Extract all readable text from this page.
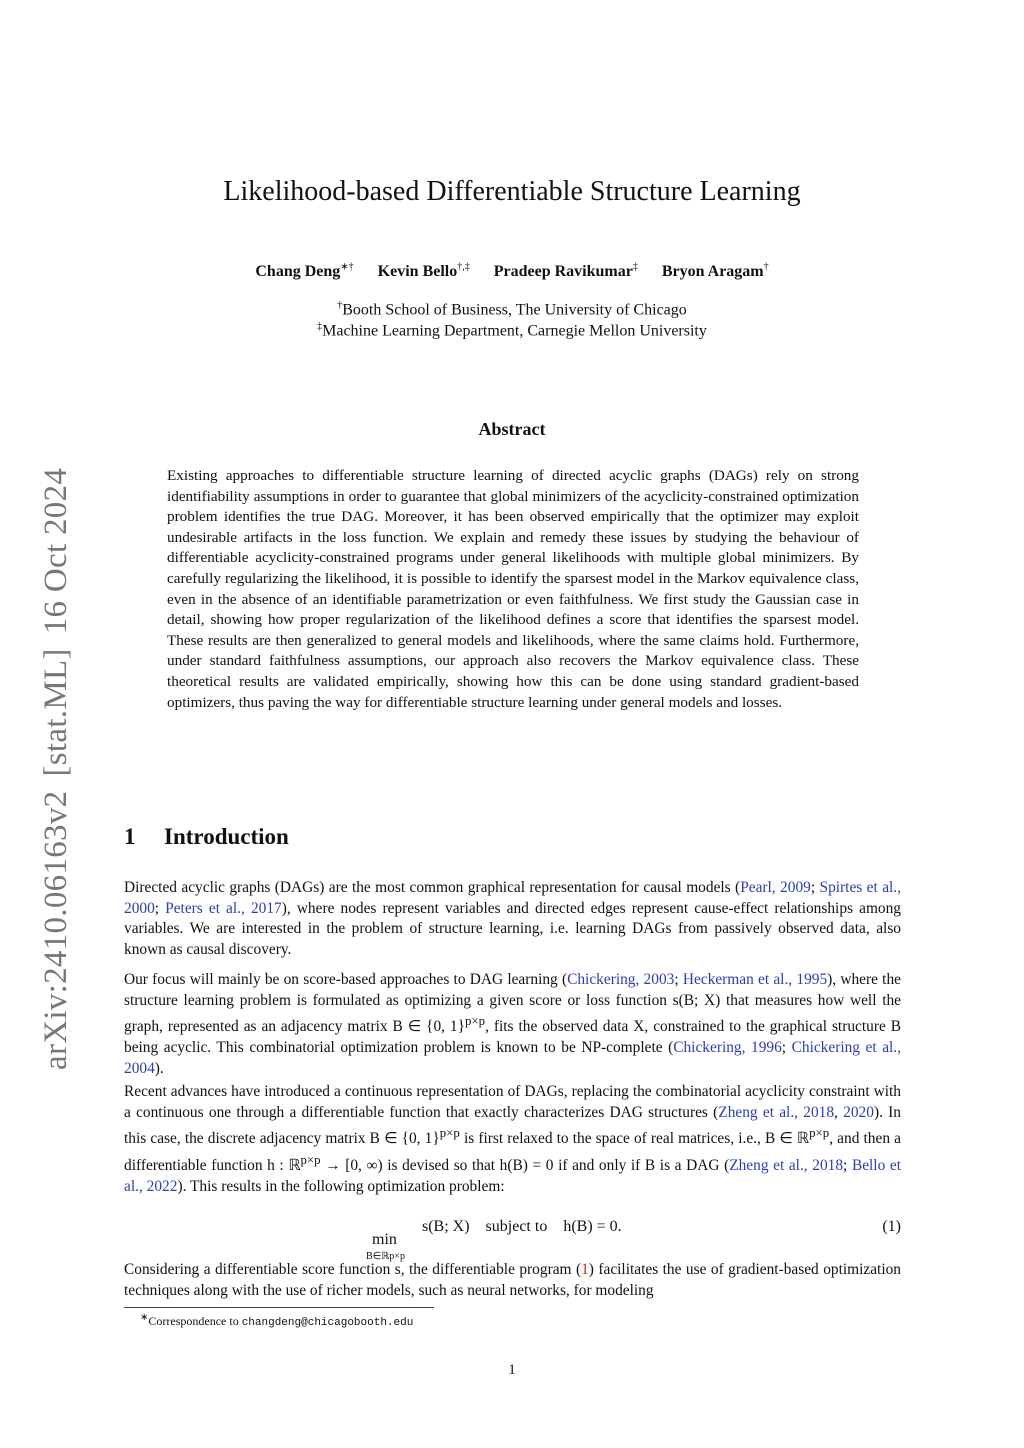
arXiv:2410.06163v2[stat.ML]16 Oct 2024
Likelihood-based Differentiable Structure Learning
Chang Deng∗† Kevin Bello†,‡ Pradeep Ravikumar‡ Bryon Aragam†
†Booth School of Business, The University of Chicago
‡Machine Learning Department, Carnegie Mellon University
Abstract
Existing approaches to differentiable structure learning of directed acyclic graphs (DAGs) rely on strong identifiability assumptions in order to guarantee that global minimizers of the acyclicity-constrained optimization problem identifies the true DAG. Moreover, it has been observed empirically that the optimizer may exploit undesirable artifacts in the loss function. We explain and remedy these issues by studying the behaviour of differentiable acyclicity-constrained programs under general likelihoods with multiple global minimizers. By carefully regularizing the likelihood, it is possible to identify the sparsest model in the Markov equivalence class, even in the absence of an identifiable parametrization or even faithfulness. We first study the Gaussian case in detail, showing how proper regularization of the likelihood defines a score that identifies the sparsest model. These results are then generalized to general models and likelihoods, where the same claims hold. Furthermore, under standard faithfulness assumptions, our approach also recovers the Markov equivalence class. These theoretical results are validated empirically, showing how this can be done using standard gradient-based optimizers, thus paving the way for differentiable structure learning under general models and losses.
1 Introduction
Directed acyclic graphs (DAGs) are the most common graphical representation for causal models (Pearl, 2009; Spirtes et al., 2000; Peters et al., 2017), where nodes represent variables and directed edges represent cause-effect relationships among variables. We are interested in the problem of structure learning, i.e. learning DAGs from passively observed data, also known as causal discovery.
Our focus will mainly be on score-based approaches to DAG learning (Chickering, 2003; Heckerman et al., 1995), where the structure learning problem is formulated as optimizing a given score or loss function s(B; X) that measures how well the graph, represented as an adjacency matrix B ∈ {0, 1}$^{p\times p}$, fits the observed data X, constrained to the graphical structure B being acyclic. This combinatorial optimization problem is known to be NP-complete (Chickering, 1996; Chickering et al., 2004).
Recent advances have introduced a continuous representation of DAGs, replacing the combinatorial acyclicity constraint with a continuous one through a differentiable function that exactly characterizes DAG structures (Zheng et al., 2018, 2020). In this case, the discrete adjacency matrix B ∈ {0, 1}$^{p\times p}$ is first relaxed to the space of real matrices, i.e., B ∈ ℝ$^{p\times p}$, and then a differentiable function h : ℝ$^{p\times p}$ → [0, ∞) is devised so that h(B) = 0 if and only if B is a DAG (Zheng et al., 2018; Bello et al., 2022). This results in the following optimization problem:
min
B∈ℝp×p
s(B; X)    subject to    h(B) = 0.	(1)
Considering a differentiable score function s, the differentiable program (1) facilitates the use of gradient-based optimization techniques along with the use of richer models, such as neural networks, for modeling
∗Correspondence to changdeng@chicagobooth.edu
1
